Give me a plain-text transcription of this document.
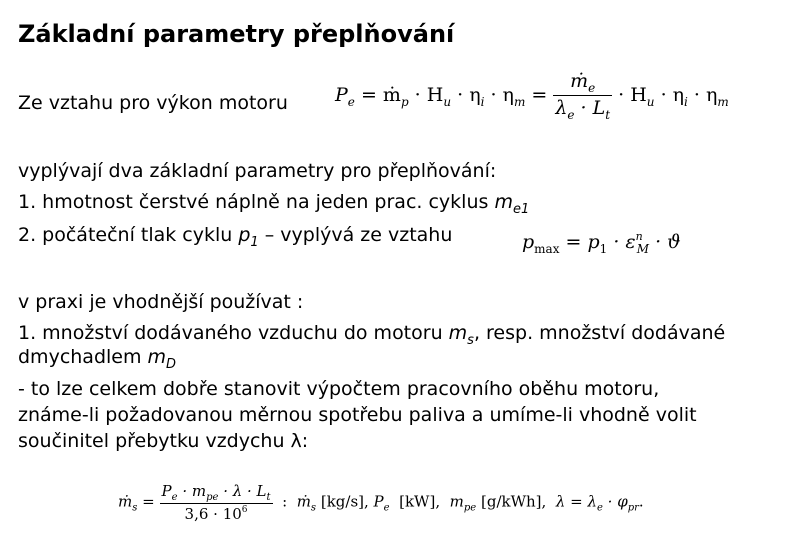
Základní parametry přeplňování
Ze vztahu pro výkon motoru $P_e$ = ṁ$_p$ · $H_u \cdot \eta_i \cdot \eta_m = \frac{ṁ_e}{\lambda_e \cdot L_t} \cdot H_u \cdot \eta_i \cdot \eta_m$
vyplývají dva základní parametry pro přeplňování:
1. hmotnost čerstvé náplně na jeden prac. cyklus $m_{e1}$
2. počáteční tlak cyklu $p_1$ – vyplývá ze vztahu	$p_{max} = p_1 \cdot \varepsilon^n_M \cdot ϑ$
v praxi je vhodnější používat :
1. množství dodávaného vzduchu do motoru $m_s$, resp. množství dodávané
dmychadlem $m_D$
- to lze celkem dobře stanovit výpočtem pracovního oběhu motoru,
známe-li požadovanou měrnou spotřebu paliva a umíme-li vhodně volit
součinitel přebytku vzdychu λ:
ṁ$_s$ = $\frac{P_e \cdot m_{pe} \cdot \lambda \cdot L_t}{3,6 \cdot 10^6}$ : ṁ$_s$ [kg/s], $P_e$ [kW], $m_{pe}$ [g/kWh], $\lambda = \lambda_e \cdot \varphi_{pr}$.
